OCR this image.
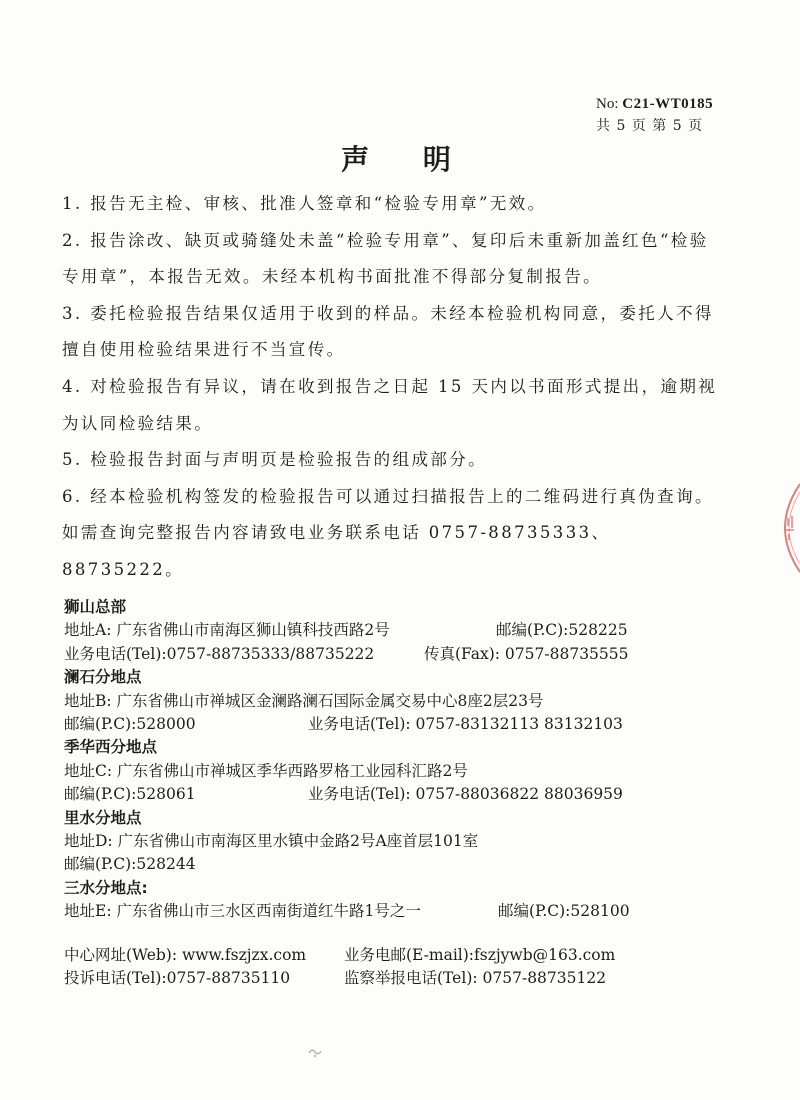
No: C21-WT0185
共 5 页 第 5 页
声 明

1. 报告无主检、审核、批准人签章和“检验专用章”无效。

2. 报告涂改、缺页或骑缝处未盖“检验专用章”、复印后未重新加盖红色“检验专用章”，本报告无效。未经本机构书面批准不得部分复制报告。

3. 委托检验报告结果仅适用于收到的样品。未经本检验机构同意，委托人不得擅自使用检验结果进行不当宣传。

4. 对检验报告有异议，请在收到报告之日起 15 天内以书面形式提出，逾期视为认同检验结果。

5. 检验报告封面与声明页是检验报告的组成部分。

6. 经本检验机构签发的检验报告可以通过扫描报告上的二维码进行真伪查询。如需查询完整报告内容请致电业务联系电话 0757-88735333、88735222。

狮山总部
地址A: 广东省佛山市南海区狮山镇科技西路2号	邮编(P.C):528225
业务电话(Tel):0757-88735333/88735222	传真(Fax): 0757-88735555
澜石分地点
地址B: 广东省佛山市禅城区金澜路澜石国际金属交易中心8座2层23号
邮编(P.C):528000	业务电话(Tel): 0757-83132113 83132103
季华西分地点
地址C: 广东省佛山市禅城区季华西路罗格工业园科汇路2号
邮编(P.C):528061	业务电话(Tel): 0757-88036822 88036959
里水分地点
地址D: 广东省佛山市南海区里水镇中金路2号A座首层101室
邮编(P.C):528244
三水分地点:
地址E: 广东省佛山市三水区西南街道红牛路1号之一	邮编(P.C):528100
中心网址(Web): www.fszjzx.com 业务电邮(E-mail):fszjywb@163.com
投诉电话(Tel):0757-88735110	监察举报电话(Tel): 0757-88735122
